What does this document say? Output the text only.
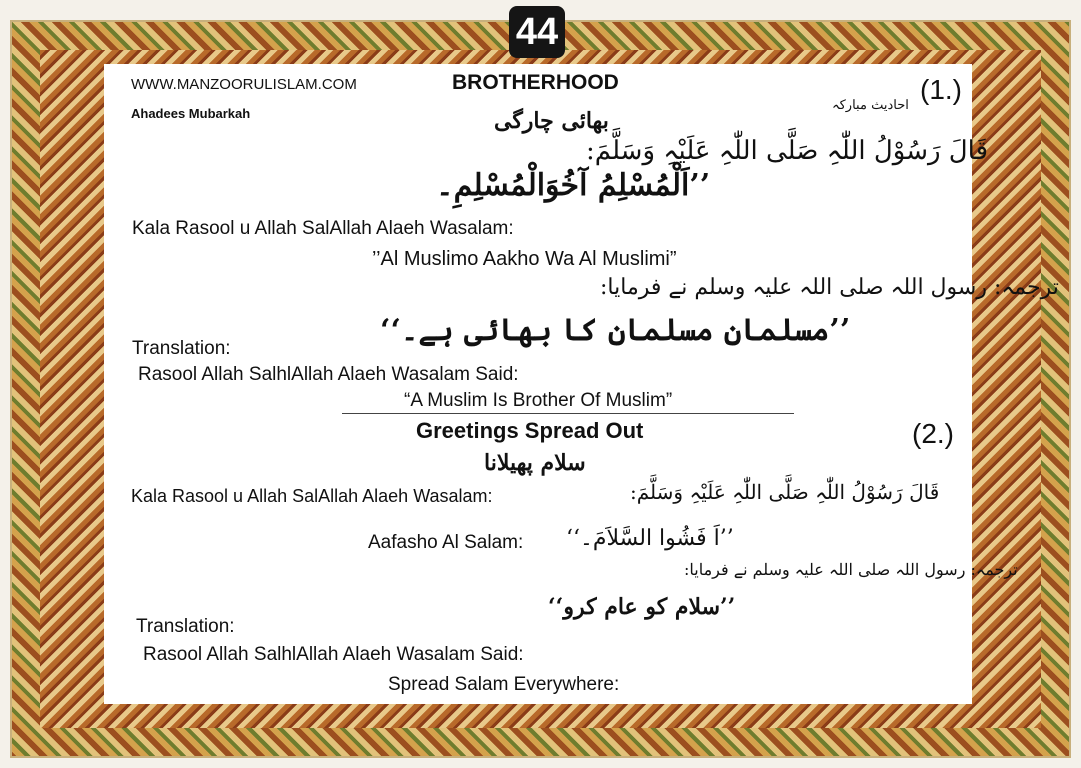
44
WWW.MANZOORULISLAM.COM
Ahadees Mubarkah
BROTHERHOOD	(1.)
احادیث مبارکہ
بھائی چارگی
قَالَ رَسُوْلُ اللّٰہِ صَلَّی اللّٰہِ عَلَیْہِ وَسَلَّمَ:
’’اَلْمُسْلِمُ آخُوَالْمُسْلِمِ۔
Kala Rasool u Allah SalAllah Alaeh Wasalam:
’’Al Muslimo Aakho Wa Al Muslimi”
ترجمہ: رسول اللہ صلی اللہ علیہ وسلم نے فرمایا:
’’مسلمان مسلمان کا بھائی ہے۔‘‘
Translation:
Rasool Allah SalhlAllah Alaeh Wasalam Said:
“A Muslim Is Brother Of Muslim”
Greetings Spread Out	(2.)
سلام پھیلانا
Kala Rasool u Allah SalAllah Alaeh Wasalam:	قَالَ رَسُوْلُ اللّٰہِ صَلَّی اللّٰہِ عَلَیْہِ وَسَلَّمَ:
Aafasho Al Salam: ’’اَ فَشُوا السَّلاَمَ۔‘‘
ترجمہ: رسول اللہ صلی اللہ علیہ وسلم نے فرمایا:
’’سلام کو عام کرو‘‘
Translation:
Rasool Allah SalhlAllah Alaeh Wasalam Said:
Spread Salam Everywhere:
